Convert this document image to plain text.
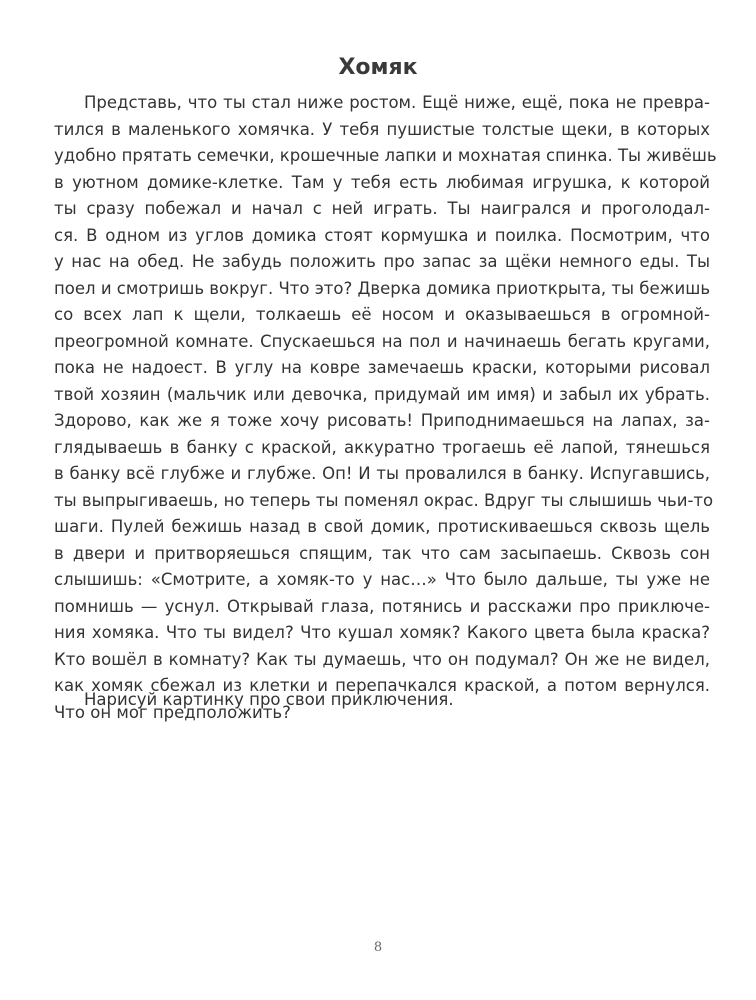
Хомяк
Представь, что ты стал ниже ростом. Ещё ниже, ещё, пока не превра-
тился в маленького хомячка. У тебя пушистые толстые щеки, в которых
удобно прятать семечки, крошечные лапки и мохнатая спинка. Ты живёшь
в уютном домике-клетке. Там у тебя есть любимая игрушка, к которой
ты сразу побежал и начал с ней играть. Ты наигрался и проголодал-
ся. В одном из углов домика стоят кормушка и поилка. Посмотрим, что
у нас на обед. Не забудь положить про запас за щёки немного еды. Ты
поел и смотришь вокруг. Что это? Дверка домика приоткрыта, ты бежишь
со всех лап к щели, толкаешь её носом и оказываешься в огромной-
преогромной комнате. Спускаешься на пол и начинаешь бегать кругами,
пока не надоест. В углу на ковре замечаешь краски, которыми рисовал
твой хозяин (мальчик или девочка, придумай им имя) и забыл их убрать.
Здорово, как же я тоже хочу рисовать! Приподнимаешься на лапах, за-
глядываешь в банку с краской, аккуратно трогаешь её лапой, тянешься
в банку всё глубже и глубже. Оп! И ты провалился в банку. Испугавшись,
ты выпрыгиваешь, но теперь ты поменял окрас. Вдруг ты слышишь чьи-то
шаги. Пулей бежишь назад в свой домик, протискиваешься сквозь щель
в двери и притворяешься спящим, так что сам засыпаешь. Сквозь сон
слышишь: «Смотрите, а хомяк-то у нас…» Что было дальше, ты уже не
помнишь — уснул. Открывай глаза, потянись и расскажи про приключе-
ния хомяка. Что ты видел? Что кушал хомяк? Какого цвета была краска?
Кто вошёл в комнату? Как ты думаешь, что он подумал? Он же не видел,
как хомяк сбежал из клетки и перепачкался краской, а потом вернулся.
Что он мог предположить?
Нарисуй картинку про свои приключения.
8
